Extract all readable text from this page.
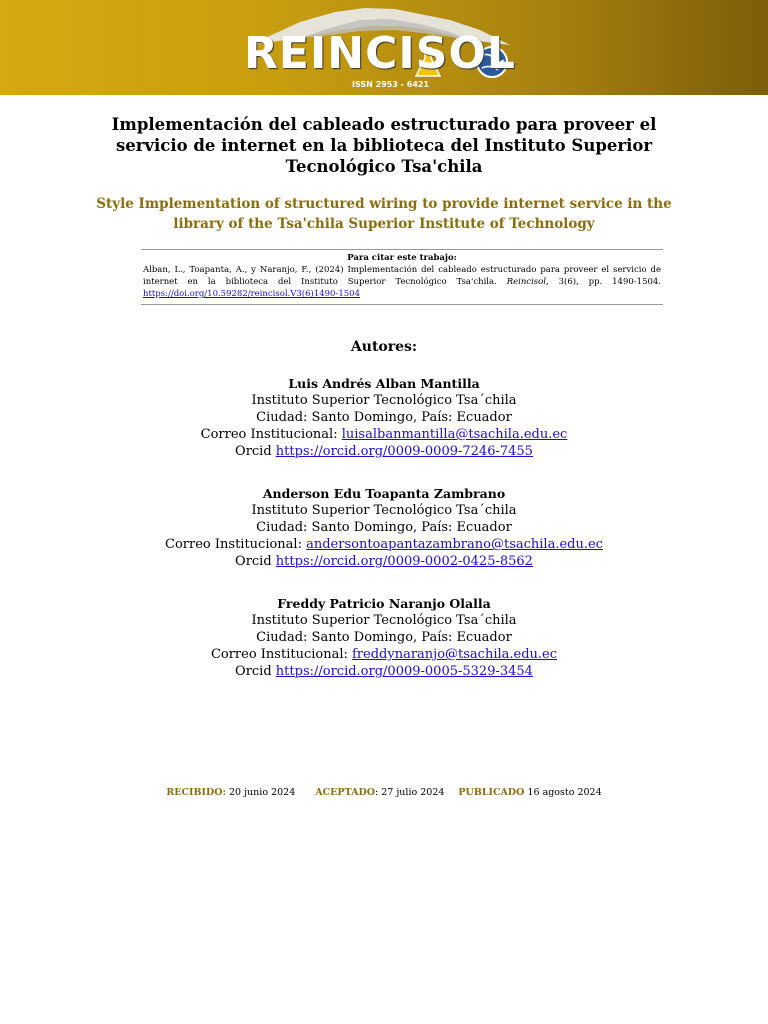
REINCISOL
ISSN 2953 - 6421
Implementación del cableado estructurado para proveer el servicio de internet en la biblioteca del Instituto Superior Tecnológico Tsa'chila
Style Implementation of structured wiring to provide internet service in the library of the Tsa'chila Superior Institute of Technology
Para citar este trabajo:
Alban, L., Toapanta, A., y Naranjo, F., (2024) Implementación del cableado estructurado para proveer el servicio de internet en la biblioteca del Instituto Superior Tecnológico Tsa'chila. Reincisol, 3(6), pp. 1490-1504. https://doi.org/10.59282/reincisol.V3(6)1490-1504
Autores:
Luis Andrés Alban Mantilla
Instituto Superior Tecnológico Tsa´chila
Ciudad: Santo Domingo, País: Ecuador
Correo Institucional: luisalbanmantilla@tsachila.edu.ec
Orcid https://orcid.org/0009-0009-7246-7455
Anderson Edu Toapanta Zambrano
Instituto Superior Tecnológico Tsa´chila
Ciudad: Santo Domingo, País: Ecuador
Correo Institucional: andersontoapantazambrano@tsachila.edu.ec
Orcid https://orcid.org/0009-0002-0425-8562
Freddy Patricio Naranjo Olalla
Instituto Superior Tecnológico Tsa´chila
Ciudad: Santo Domingo, País: Ecuador
Correo Institucional: freddynaranjo@tsachila.edu.ec
Orcid https://orcid.org/0009-0005-5329-3454
RECIBIDO: 20 junio 2024 ACEPTADO: 27 julio 2024 PUBLICADO 16 agosto 2024
